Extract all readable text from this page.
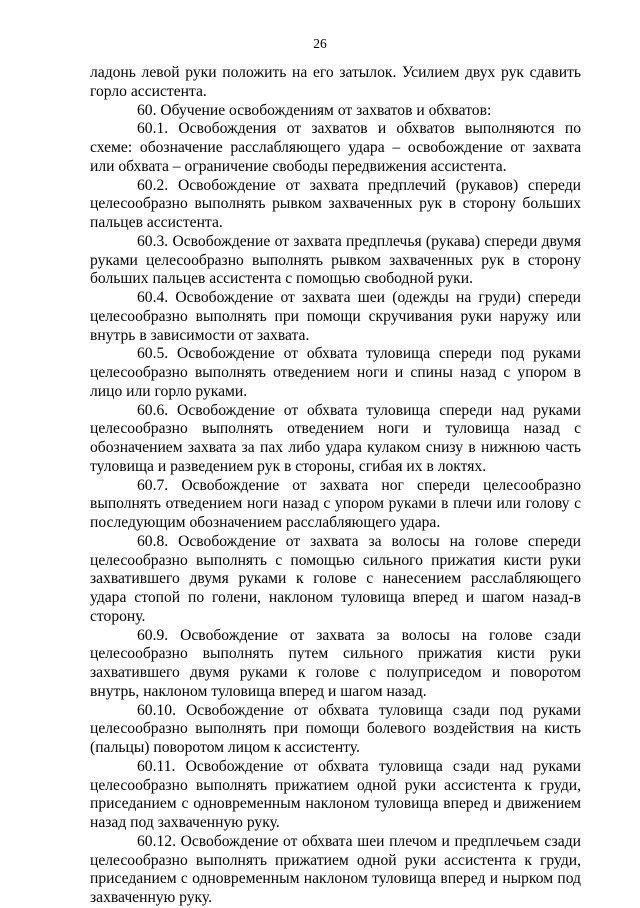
26

ладонь левой руки положить на его затылок. Усилием двух рук сдавить горло ассистента.

60. Обучение освобождениям от захватов и обхватов:

60.1. Освобождения от захватов и обхватов выполняются по схеме: обозначение расслабляющего удара – освобождение от захвата или обхвата – ограничение свободы передвижения ассистента.

60.2. Освобождение от захвата предплечий (рукавов) спереди целесообразно выполнять рывком захваченных рук в сторону больших пальцев ассистента.

60.3. Освобождение от захвата предплечья (рукава) спереди двумя руками целесообразно выполнять рывком захваченных рук в сторону больших пальцев ассистента с помощью свободной руки.

60.4. Освобождение от захвата шеи (одежды на груди) спереди целесообразно выполнять при помощи скручивания руки наружу или внутрь в зависимости от захвата.

60.5. Освобождение от обхвата туловища спереди под руками целесообразно выполнять отведением ноги и спины назад с упором в лицо или горло руками.

60.6. Освобождение от обхвата туловища спереди над руками целесообразно выполнять отведением ноги и туловища назад с обозначением захвата за пах либо удара кулаком снизу в нижнюю часть туловища и разведением рук в стороны, сгибая их в локтях.

60.7. Освобождение от захвата ног спереди целесообразно выполнять отведением ноги назад с упором руками в плечи или голову с последующим обозначением расслабляющего удара.

60.8. Освобождение от захвата за волосы на голове спереди целесообразно выполнять с помощью сильного прижатия кисти руки захватившего двумя руками к голове с нанесением расслабляющего удара стопой по голени, наклоном туловища вперед и шагом назад-в сторону.

60.9. Освобождение от захвата за волосы на голове сзади целесообразно выполнять путем сильного прижатия кисти руки захватившего двумя руками к голове с полуприседом и поворотом внутрь, наклоном туловища вперед и шагом назад.

60.10. Освобождение от обхвата туловища сзади под руками целесообразно выполнять при помощи болевого воздействия на кисть (пальцы) поворотом лицом к ассистенту.

60.11. Освобождение от обхвата туловища сзади над руками целесообразно выполнять прижатием одной руки ассистента к груди, приседанием с одновременным наклоном туловища вперед и движением назад под захваченную руку.

60.12. Освобождение от обхвата шеи плечом и предплечьем сзади целесообразно выполнять прижатием одной руки ассистента к груди, приседанием с одновременным наклоном туловища вперед и нырком под захваченную руку.
